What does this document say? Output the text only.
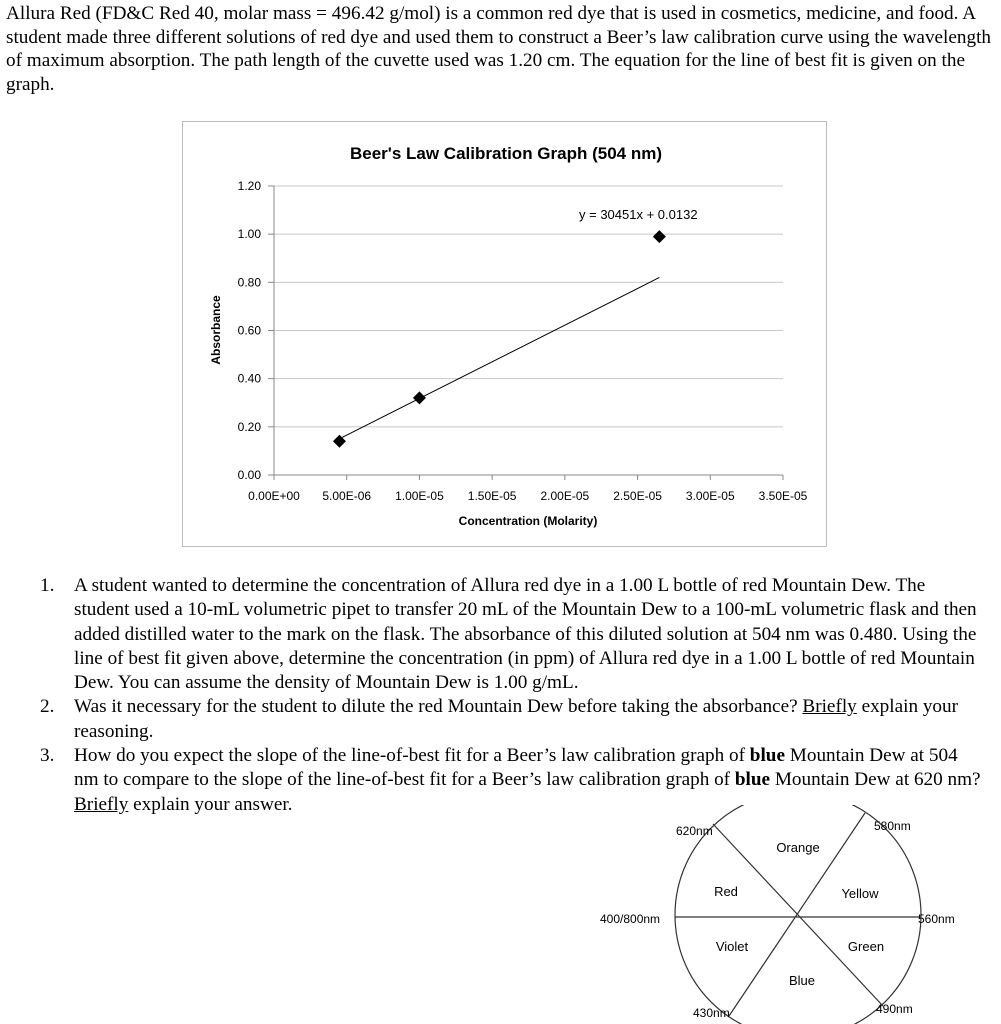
Allura Red (FD&C Red 40, molar mass = 496.42 g/mol) is a common red dye that is used in cosmetics, medicine, and food. A student made three different solutions of red dye and used them to construct a Beer’s law calibration curve using the wavelength of maximum absorption. The path length of the cuvette used was 1.20 cm. The equation for the line of best fit is given on the graph.

Beer's Law Calibration Graph (504 nm)
Absorbance
Concentration (Molarity)
y = 30451x + 0.0132
0.00
0.20
0.40
0.60
0.80
1.00
1.20
0.00E+00 5.00E-06 1.00E-05 1.50E-05 2.00E-05 2.50E-05 3.00E-05 3.50E-05
1. A student wanted to determine the concentration of Allura red dye in a 1.00 L bottle of red Mountain Dew. The student used a 10-mL volumetric pipet to transfer 20 mL of the Mountain Dew to a 100-mL volumetric flask and then added distilled water to the mark on the flask. The absorbance of this diluted solution at 504 nm was 0.480. Using the line of best fit given above, determine the concentration (in ppm) of Allura red dye in a 1.00 L bottle of red Mountain Dew. You can assume the density of Mountain Dew is 1.00 g/mL.
2. Was it necessary for the student to dilute the red Mountain Dew before taking the absorbance? Briefly explain your reasoning.
3. How do you expect the slope of the line-of-best fit for a Beer’s law calibration graph of blue Mountain Dew at 504 nm to compare to the slope of the line-of-best fit for a Beer’s law calibration graph of blue Mountain Dew at 620 nm? Briefly explain your answer.
Orange
Yellow
Green
Blue
Violet
Red
620nm	580nm
560nm
490nm
430nm
400/800nm
